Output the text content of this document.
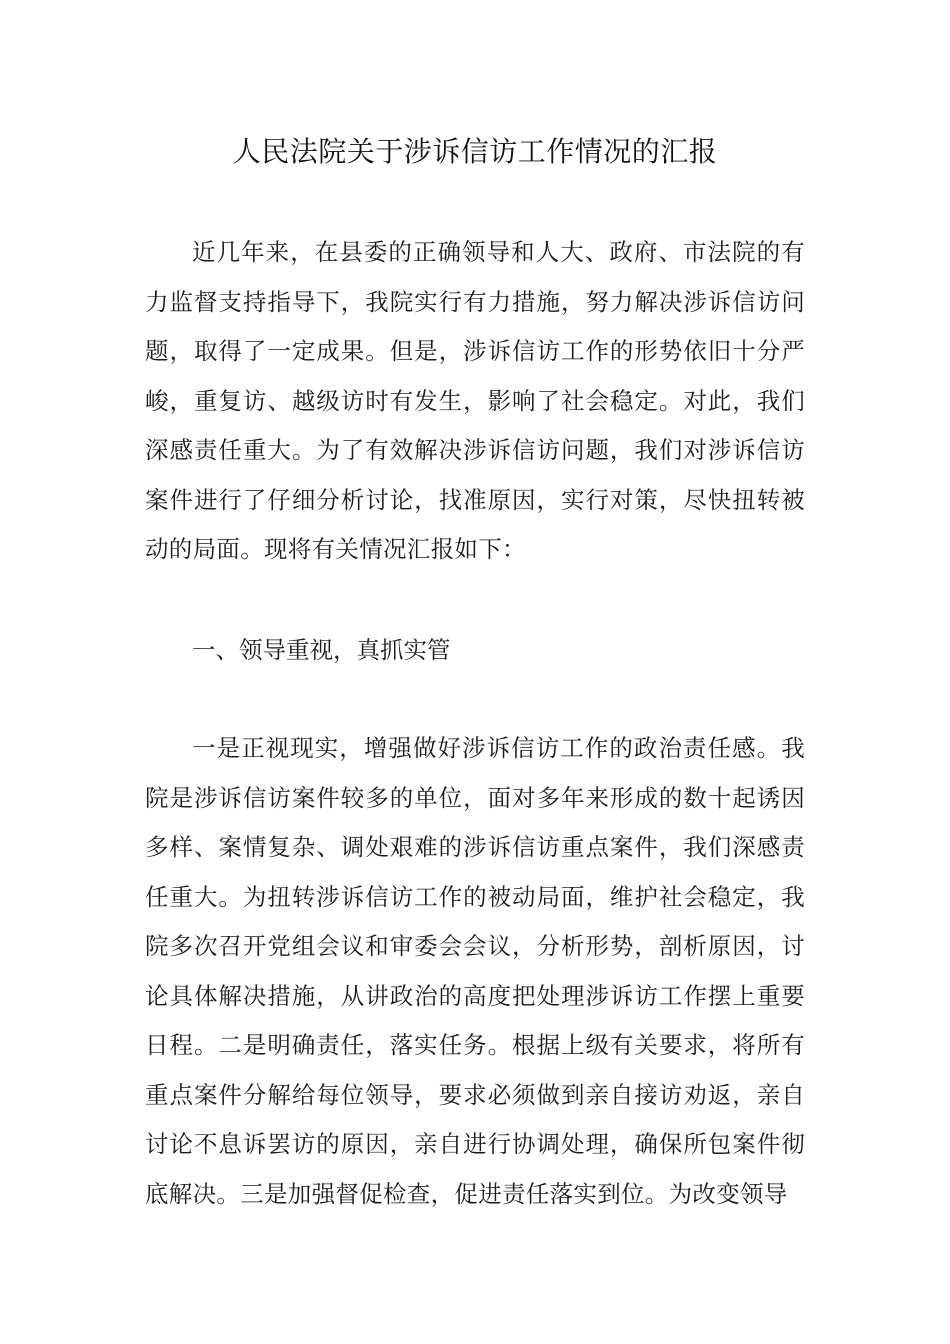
人民法院关于涉诉信访工作情况的汇报

近几年来，在县委的正确领导和人大、政府、市法院的有力监督支持指导下，我院实行有力措施，努力解决涉诉信访问题，取得了一定成果。但是，涉诉信访工作的形势依旧十分严峻，重复访、越级访时有发生，影响了社会稳定。对此，我们深感责任重大。为了有效解决涉诉信访问题，我们对涉诉信访案件进行了仔细分析讨论，找准原因，实行对策，尽快扭转被动的局面。现将有关情况汇报如下：

一、领导重视，真抓实管

一是正视现实，增强做好涉诉信访工作的政治责任感。我院是涉诉信访案件较多的单位，面对多年来形成的数十起诱因多样、案情复杂、调处艰难的涉诉信访重点案件，我们深感责任重大。为扭转涉诉信访工作的被动局面，维护社会稳定，我院多次召开党组会议和审委会会议，分析形势，剖析原因，讨论具体解决措施，从讲政治的高度把处理涉诉访工作摆上重要日程。二是明确责任，落实任务。根据上级有关要求，将所有重点案件分解给每位领导，要求必须做到亲自接访劝返，亲自讨论不息诉罢访的原因，亲自进行协调处理，确保所包案件彻底解决。三是加强督促检查，促进责任落实到位。为改变领导
